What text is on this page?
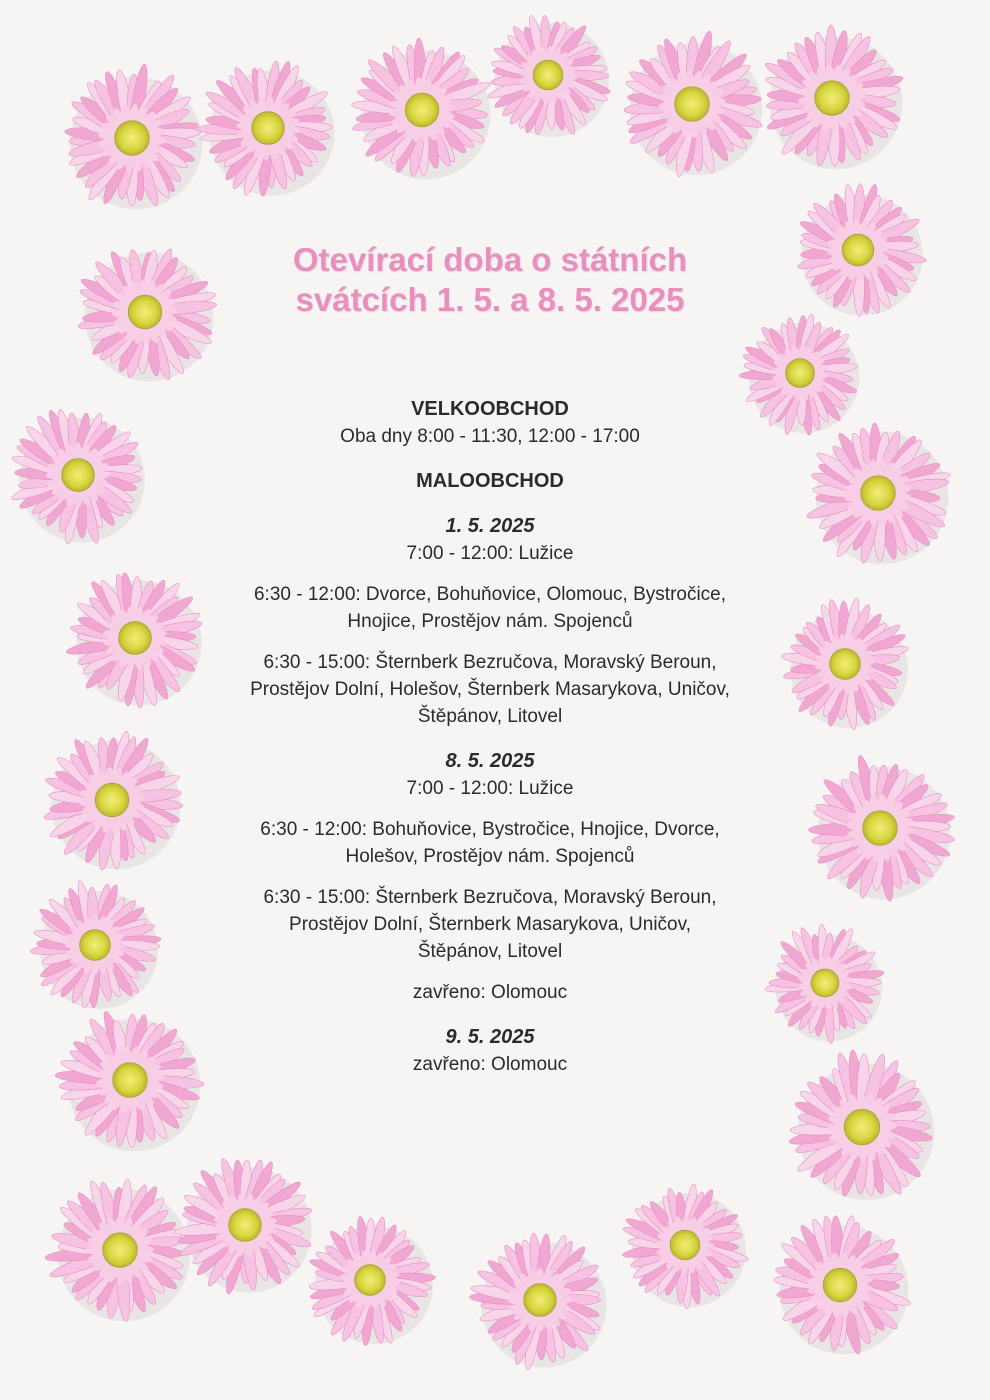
Otevírací doba o státních
svátcích 1. 5. a 8. 5. 2025
VELKOOBCHOD
Oba dny 8:00 - 11:30, 12:00 - 17:00
MALOOBCHOD
1. 5. 2025
7:00 - 12:00: Lužice
6:30 - 12:00: Dvorce, Bohuňovice, Olomouc, Bystročice,
Hnojice, Prostějov nám. Spojenců
6:30 - 15:00: Šternberk Bezručova, Moravský Beroun,
Prostějov Dolní, Holešov, Šternberk Masarykova, Uničov,
Štěpánov, Litovel
8. 5. 2025
7:00 - 12:00: Lužice
6:30 - 12:00: Bohuňovice, Bystročice, Hnojice, Dvorce,
Holešov, Prostějov nám. Spojenců
6:30 - 15:00: Šternberk Bezručova, Moravský Beroun,
Prostějov Dolní, Šternberk Masarykova, Uničov,
Štěpánov, Litovel
zavřeno: Olomouc
9. 5. 2025
zavřeno: Olomouc
